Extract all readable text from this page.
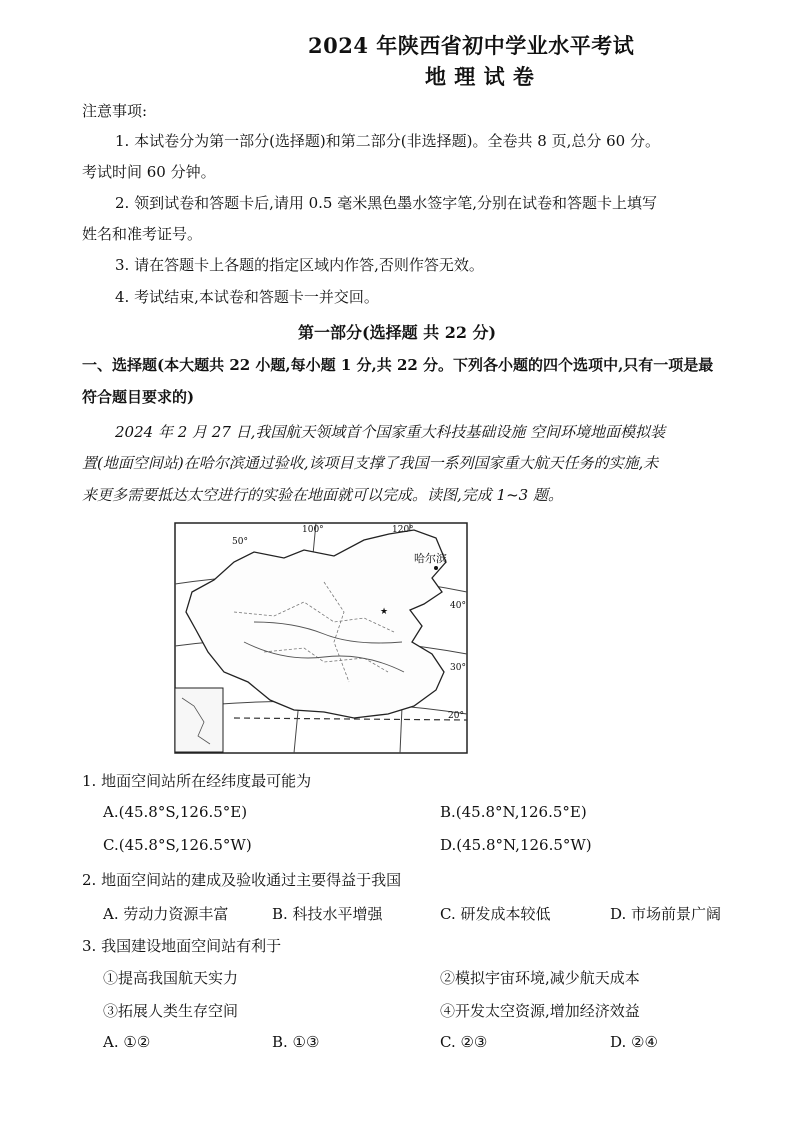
2024 年陕西省初中学业水平考试
地 理 试 卷
注意事项:
1. 本试卷分为第一部分(选择题)和第二部分(非选择题)。全卷共 8 页,总分 60 分。
考试时间 60 分钟。
2. 领到试卷和答题卡后,请用 0.5 毫米黑色墨水签字笔,分别在试卷和答题卡上填写
姓名和准考证号。
3. 请在答题卡上各题的指定区域内作答,否则作答无效。
4. 考试结束,本试卷和答题卡一并交回。
第一部分(选择题 共 22 分)
一、选择题(本大题共 22 小题,每小题 1 分,共 22 分。下列各小题的四个选项中,只有一项是最
符合题目要求的)
2024 年 2 月 27 日,我国航天领域首个国家重大科技基础设施 空间环境地面模拟装
置(地面空间站)在哈尔滨通过验收,该项目支撑了我国一系列国家重大航天任务的实施,未
来更多需要抵达太空进行的实验在地面就可以完成。读图,完成 1~3 题。
★
100°	120°
50°
40°
30°
20°
哈尔滨
1. 地面空间站所在经纬度最可能为
A.(45.8°S,126.5°E)	B.(45.8°N,126.5°E)
C.(45.8°S,126.5°W)	D.(45.8°N,126.5°W)
2. 地面空间站的建成及验收通过主要得益于我国
A. 劳动力资源丰富	B. 科技水平增强	C. 研发成本较低	D. 市场前景广阔
3. 我国建设地面空间站有利于
①提高我国航天实力	②模拟宇宙环境,减少航天成本
③拓展人类生存空间	④开发太空资源,增加经济效益
A. ①②	B. ①③	C. ②③	D. ②④
